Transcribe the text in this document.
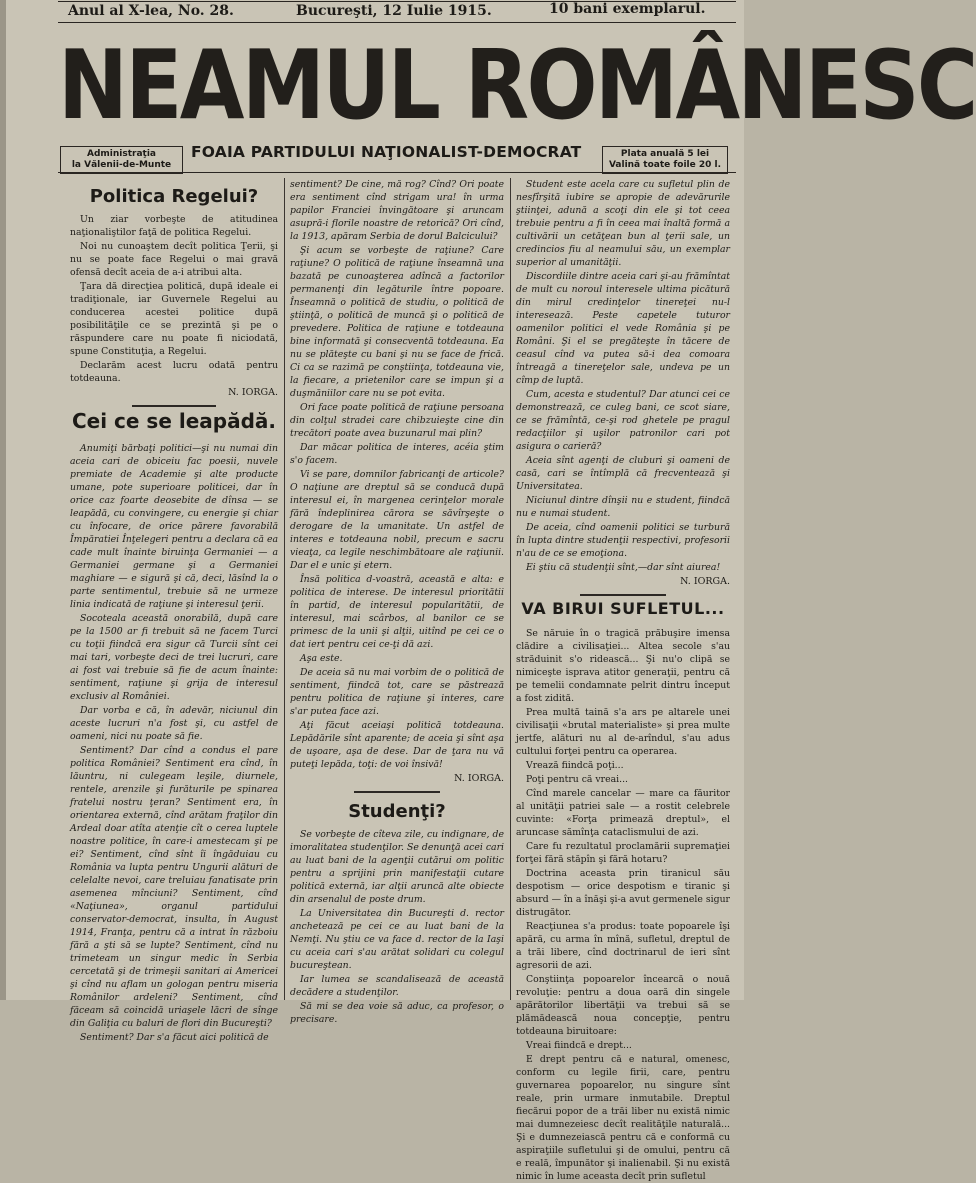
Anul al X-lea, No. 28.	Bucureşti, 12 Iulie 1915.	10 bani exemplarul.
NEAMUL ROMÂNESC
Administraţia
la Vălenii-de-Munte
FOAIA PARTIDULUI NAŢIONALIST-DEMOCRAT	Plata anuală 5 lei
Valină toate foile 20 l.
Politica Regelui?

Un ziar vorbeşte de atitudinea naţionaliştilor faţă de politica Regelui.

Noi nu cunoaştem decît politica Ţerii, şi nu se poate face Regelui o mai gravă ofensă decît aceia de a-i atribui alta.

Ţara dă direcţiea politică, după ideale ei tradiţionale, iar Guvernele Regelui au conducerea acestei politice după posibilităţile ce se prezintă şi pe o răspundere care nu poate fi niciodată, spune Constituţia, a Regelui.

Declarăm acest lucru odată pentru totdeauna.

N. IORGA.

Cei ce se leapădă.

Anumiţi bărbaţi politici—şi nu numai din aceia cari de obiceiu fac poesii, nuvele premiate de Academie şi alte producte umane, pote superioare politicei, dar în orice caz foarte deosebite de dînsa — se leapădă, cu convingere, cu energie şi chiar cu înfocare, de orice părere favorabilă Împăratiei Înţelegeri pentru a declara că ea cade mult înainte biruinţa Germaniei — a Germaniei germane şi a Germaniei maghiare — e sigură şi că, deci, lăsînd la o parte sentimentul, trebuie să ne urmeze linia indicată de raţiune şi interesul ţerii.

Socoteala această onorabilă, după care pe la 1500 ar fi trebuit să ne facem Turci cu toţii fiindcă era sigur că Turcii sînt cei mai tari, vorbeşte deci de trei lucruri, care ai fost vai trebuie să fie de acum înainte: sentiment, raţiune şi grija de interesul exclusiv al României.

Dar vorba e că, în adevăr, niciunul din aceste lucruri n'a fost şi, cu astfel de oameni, nici nu poate să fie.

Sentiment? Dar cînd a condus el pare politica României? Sentiment era cînd, în lăuntru, ni culegeam leşile, diurnele, rentele, arenzile şi furăturile pe spinarea fratelui nostru ţeran? Sentiment era, în orientarea externă, cînd arătam fraţilor din Ardeal doar atîta atenţie cît o cerea luptele noastre politice, în care-i amestecam şi pe ei? Sentiment, cînd sînt îi îngăduiau cu România va lupta pentru Ungurii alături de celelalte nevoi, care treluiau fanatisate prin asemenea mînciuni? Sentiment, cînd «Naţiunea», organul partidului conservator-democrat, insulta, în August 1914, Franţa, pentru că a intrat în războiu fără a şti să se lupte? Sentiment, cînd nu trimeteam un singur medic în Serbia cercetată şi de trimeşii sanitari ai Americei şi cînd nu aflam un gologan pentru miseria Românilor ardeleni? Sentiment, cînd făceam să coincidă uriaşele lăcri de sînge din Galiţia cu baluri de flori din Bucureşti?

Sentiment? Dar s'a făcut aici politică de

sentiment? De cine, mă rog? Cînd? Ori poate era sentiment cînd strigam ura! în urma papilor Franciei învingătoare şi aruncam asupră-i florile noastre de retorică? Ori cînd, la 1913, apăram Serbia de dorul Balcicului?

Şi acum se vorbeşte de raţiune? Care raţiune? O politică de raţiune înseamnă una bazată pe cunoaşterea adîncă a factorilor permanenţi din legăturile între popoare. Înseamnă o politică de studiu, o politică de ştiinţă, o politică de muncă şi o politică de prevedere. Politica de raţiune e totdeauna bine informată şi consecventă totdeauna. Ea nu se plăteşte cu bani şi nu se face de frică. Ci ca se razimă pe conştiinţa, totdeauna vie, la fiecare, a prietenilor care se impun şi a duşmăniilor care nu se pot evita.

Ori face poate politică de raţiune persoana din colţul stradei care chibzuieşte cine din trecători poate avea buzunarul mai plin?

Dar măcar politica de interes, acéia ştim s'o facem.

Vi se pare, domnilor fabricanţi de articole? O naţiune are dreptul să se conducă după interesul ei, în margenea cerinţelor morale fără îndeplinirea cărora se săvîrşeşte o derogare de la umanitate. Un astfel de interes e totdeauna nobil, precum e sacru vieaţa, ca legile neschimbătoare ale raţiunii. Dar el e unic şi etern.

Însă politica d-voastră, această e alta: e politica de interese. De interesul prioritătii în partid, de interesul popularitătii, de interesul, mai scârbos, al banilor ce se primesc de la unii şi alţii, uitînd pe cei ce o dat iert pentru cei ce-ţi dă azi.

Aşa este.

De aceia să nu mai vorbim de o politică de sentiment, fiindcă tot, care se păstrează pentru politica de raţiune şi interes, care s'ar putea face azi.

Aţi făcut aceiaşi politică totdeauna. Lepădările sînt aparente; de aceia şi sînt aşa de uşoare, aşa de dese. Dar de ţara nu vă puteţi lepăda, toţi: de voi însivă!

N. IORGA.

Studenţi?

Se vorbeşte de cîteva zile, cu indignare, de imoralitatea studenţilor. Se denunţă acei cari au luat bani de la agenţii cutărui om politic pentru a sprijini prin manifestaţii cutare politică externă, iar alţii aruncă alte obiecte din arsenalul de poste drum.

La Universitatea din Bucureşti d. rector anchetează pe cei ce au luat bani de la Nemţi. Nu ştiu ce va face d. rector de la Iaşi cu aceia cari s'au arătat solidari cu colegul bucureştean.

Iar lumea se scandalisează de această decădere a studenţilor.

Să mi se dea voie să aduc, ca profesor, o precisare.

Student este acela care cu sufletul plin de nesfîrşită iubire se apropie de adevărurile ştiinţei, adună a scoţi din ele şi tot ceea trebuie pentru a fi în ceea mai înaltă formă a cultivării un cetăţean bun al ţerii sale, un credincios fiu al neamului său, un exemplar superior al umanităţii.

Discordiile dintre aceia cari şi-au frămîntat de mult cu noroul interesele ultima picătură din mirul credinţelor tinereţei nu-l interesează. Peste capetele tuturor oamenilor politici el vede România şi pe Români. Şi el se pregăteşte în tăcere de ceasul cînd va putea să-i dea comoara întreagă a tinereţelor sale, undeva pe un cîmp de luptă.

Cum, acesta e studentul? Dar atunci cei ce demonstrează, ce culeg bani, ce scot siare, ce se frămîntă, ce-şi rod ghetele pe pragul redacţiilor şi uşilor patronilor cari pot asigura o carieră?

Aceia sînt agenţi de cluburi şi oameni de casă, cari se întîmplă că frecventează şi Universitatea.

Niciunul dintre dînşii nu e student, fiindcă nu e numai student.

De aceia, cînd oamenii politici se turbură în lupta dintre studenţii respectivi, profesorii n'au de ce se emoţiona.

Ei ştiu că studenţii sînt,—dar sînt aiurea!

N. IORGA.

VA BIRUI SUFLETUL...

Se năruie în o tragică prăbuşire imensa clădire a civilisaţiei... Altea secole s'au străduinit s'o ridească... Şi nu'o clipă se nimiceşte isprava atitor generaţii, pentru că pe temelii condamnate pelrit dintru început a fost zidită.

Prea multă taină s'a ars pe altarele unei civilisaţii «brutal materialiste» şi prea multe jertfe, alături nu al de-arîndul, s'au adus cultului forţei pentru ca operarea.

Vrează fiindcă poţi...

Poţi pentru că vreai...

Cînd marele cancelar — mare ca făuritor al unităţii patriei sale — a rostit celebrele cuvinte: «Forţa primează dreptul», el aruncase sămînţa cataclismului de azi.

Care fu rezultatul proclamării supremaţiei forţei fără stăpîn şi fără hotaru?

Doctrina aceasta prin tiranicul său despotism — orice despotism e tiranic şi absurd — în a înăşi şi-a avut germenele sigur distrugător.

Reacţiunea s'a produs: toate popoarele îşi apără, cu arma în mînă, sufletul, dreptul de a trăi libere, cînd doctrinarul de ieri sînt agresorii de azi.

Conştiinţa popoarelor încearcă o nouă revoluţie: pentru a doua oară din singele apărătorilor libertăţii va trebui să se plămădească noua concepţie, pentru totdeauna biruitoare:

Vreai fiindcă e drept...

E drept pentru că e natural, omenesc, conform cu legile firii, care, pentru guvernarea popoarelor, nu singure sînt reale, prin urmare inmutabile. Dreptul fiecărui popor de a trăi liber nu există nimic mai dumnezeiesc decît realităţile naturală... Şi e dumnezeiască pentru că e conformă cu aspiraţiile sufletului şi de omului, pentru că e reală, împunător şi inalienabil. Şi nu există nimic în lume aceasta decît prin sufletul
